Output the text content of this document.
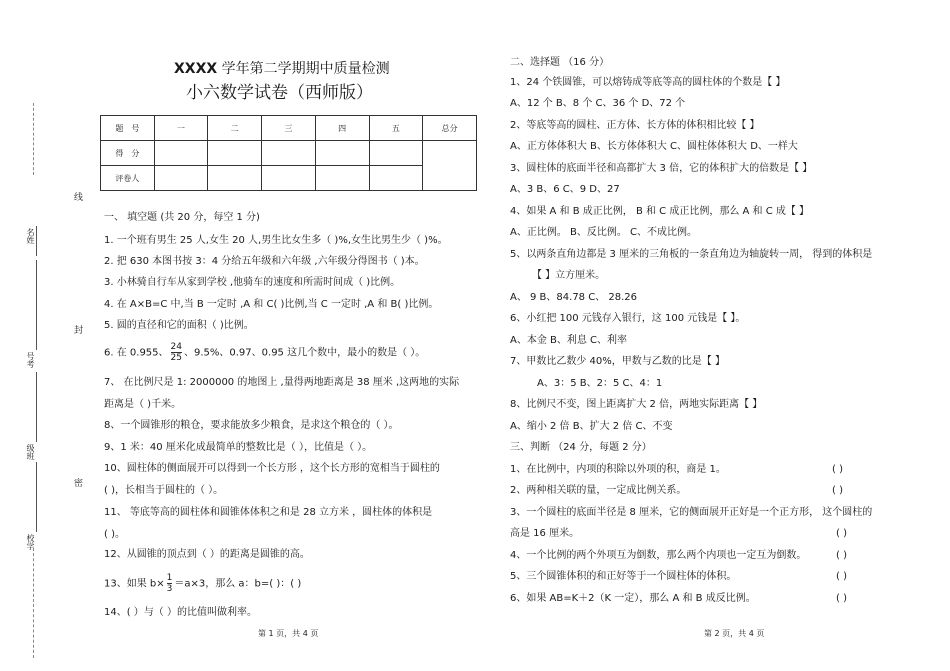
线
封
密
名姓
号考
级班
校学
XXXX 学年第二学期期中质量检测
小六数学试卷（西师版）
题　号	一	二	三	四	五	总分
得　分						
评卷人						
一、 填空题 (共 20 分，每空 1 分)
1. 一个班有男生 25 人,女生 20 人,男生比女生多（ )%,女生比男生少（ )%。
2. 把 630 本图书按 3：4 分给五年级和六年级 ,六年级分得图书（ )本。
3. 小林骑自行车从家到学校 ,他骑车的速度和所需时间成（ )比例。
4. 在 A×B=C 中,当 B 一定时 ,A 和 C( )比例,当 C 一定时 ,A 和 B( )比例。
5. 圆的直径和它的面积（ )比例。
6. 在 0.955、 $\frac{24}{25}$ 、9.5%、0.97、0.95 这几个数中，最小的数是（ ）。
7、 在比例尺是 1: 2000000 的地图上 ,量得两地距离是 38 厘米 ,这两地的实际
距离是（ )千米。
8、一个圆锥形的粮仓，要求能放多少粮食，是求这个粮仓的（ ）。
9、1 米：40 厘米化成最简单的整数比是（ ），比值是（ ）。
10、圆柱体的侧面展开可以得到一个长方形 ，这个长方形的宽相当于圆柱的
( )，长相当于圆柱的（ ）。
11、 等底等高的圆柱体和圆锥体体积之和是 28 立方米 ，圆柱体的体积是
( )。
12、从圆锥的顶点到（ ）的距离是圆锥的高。
13、如果 $b\times \frac{1}{3} =a\times 3$，那么 a：b=( )：( )
14、( ）与（ ）的比值叫做利率。
第 1 页，共 4 页
二、选择题 （16 分）
1、24 个铁圆锥，可以熔铸成等底等高的圆柱体的个数是【 】
A、12 个 B、8 个 C、36 个 D、72 个
2、等底等高的圆柱、正方体、长方体的体积相比较【 】
A、正方体体积大 B、长方体体积大 C、圆柱体体积大 D、一样大
3、圆柱体的底面半径和高都扩大 3 倍，它的体积扩大的倍数是【 】
A、3 B、6 C、9 D、27
4、如果 A 和 B 成正比例， B 和 C 成正比例，那么 A 和 C 成【 】
A、正比例。 B、反比例。 C、不成比例。
5、以两条直角边都是 3 厘米的三角板的一条直角边为轴旋转一周， 得到的体积是
【 】立方厘米。
A、 9 B、84.78 C、 28.26
6、小红把 100 元钱存入银行，这 100 元钱是【 】。
A、本金 B、利息 C、利率
7、甲数比乙数少 40%，甲数与乙数的比是【 】
A、3：5 B、2：5 C、4：1
8、比例尺不变，图上距离扩大 2 倍，两地实际距离【 】
A、缩小 2 倍 B、扩大 2 倍 C、不变
三、判断 （24 分，每题 2 分）
1、在比例中，内项的积除以外项的积，商是 1。	( )
2、两种相关联的量，一定成比例关系。	( )
3、一个圆柱的底面半径是 8 厘米，它的侧面展开正好是一个正方形， 这个圆柱的
高是 16 厘米。	( )
4、一个比例的两个外项互为倒数，那么两个内项也一定互为倒数。	( )
5、三个圆锥体积的和正好等于一个圆柱体的体积。	( )
6、如果 AB=K＋2（K 一定），那么 A 和 B 成反比例。	( )
第 2 页，共 4 页
